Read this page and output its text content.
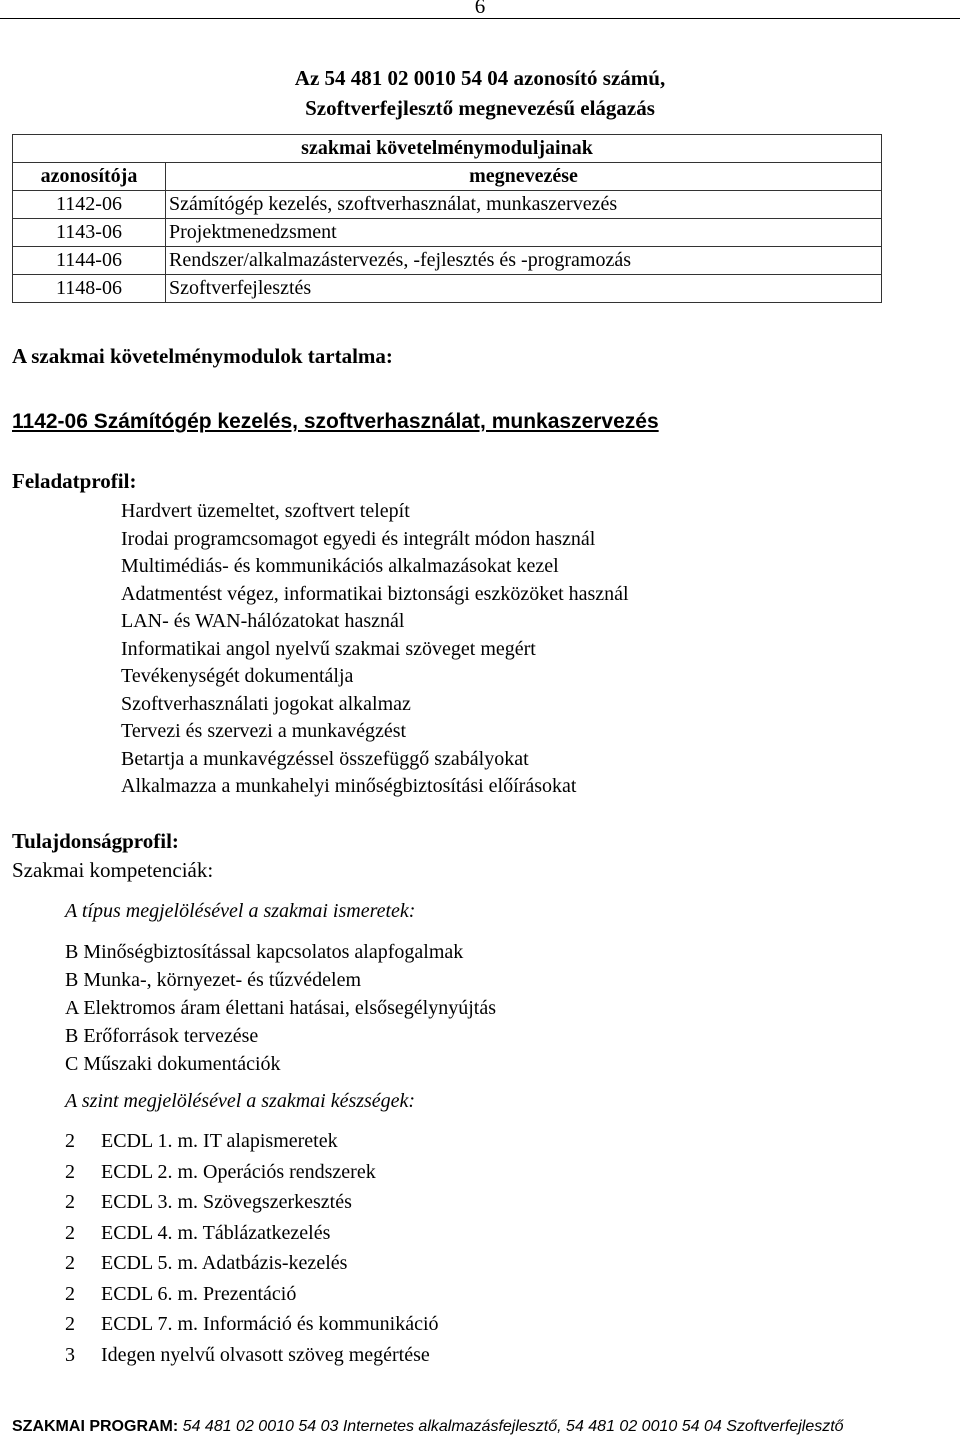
6
Az 54 481 02 0010 54 04 azonosító számú,
Szoftverfejlesztő megnevezésű elágazás
szakmai követelménymoduljainak	
azonosítója	megnevezése
1142-06	Számítógép kezelés, szoftverhasználat, munkaszervezés
1143-06	Projektmenedzsment
1144-06	Rendszer/alkalmazástervezés, -fejlesztés és -programozás
1148-06	Szoftverfejlesztés
A szakmai követelménymodulok tartalma:
1142-06 Számítógép kezelés, szoftverhasználat, munkaszervezés
Feladatprofil:
Hardvert üzemeltet, szoftvert telepít
Irodai programcsomagot egyedi és integrált módon használ
Multimédiás- és kommunikációs alkalmazásokat kezel
Adatmentést végez, informatikai biztonsági eszközöket használ
LAN- és WAN-hálózatokat használ
Informatikai angol nyelvű szakmai szöveget megért
Tevékenységét dokumentálja
Szoftverhasználati jogokat alkalmaz
Tervezi és szervezi a munkavégzést
Betartja a munkavégzéssel összefüggő szabályokat
Alkalmazza a munkahelyi minőségbiztosítási előírásokat
Tulajdonságprofil:
Szakmai kompetenciák:
A típus megjelölésével a szakmai ismeretek:
B Minőségbiztosítással kapcsolatos alapfogalmak
B Munka-, környezet- és tűzvédelem
A Elektromos áram élettani hatásai, elsősegélynyújtás
B Erőforrások tervezése
C Műszaki dokumentációk
A szint megjelölésével a szakmai készségek:
2 ECDL 1. m. IT alapismeretek
2 ECDL 2. m. Operációs rendszerek
2 ECDL 3. m. Szövegszerkesztés
2 ECDL 4. m. Táblázatkezelés
2 ECDL 5. m. Adatbázis-kezelés
2 ECDL 6. m. Prezentáció
2 ECDL 7. m. Információ és kommunikáció
3 Idegen nyelvű olvasott szöveg megértése
SZAKMAI PROGRAM: 54 481 02 0010 54 03 Internetes alkalmazásfejlesztő, 54 481 02 0010 54 04 Szoftverfejlesztő
